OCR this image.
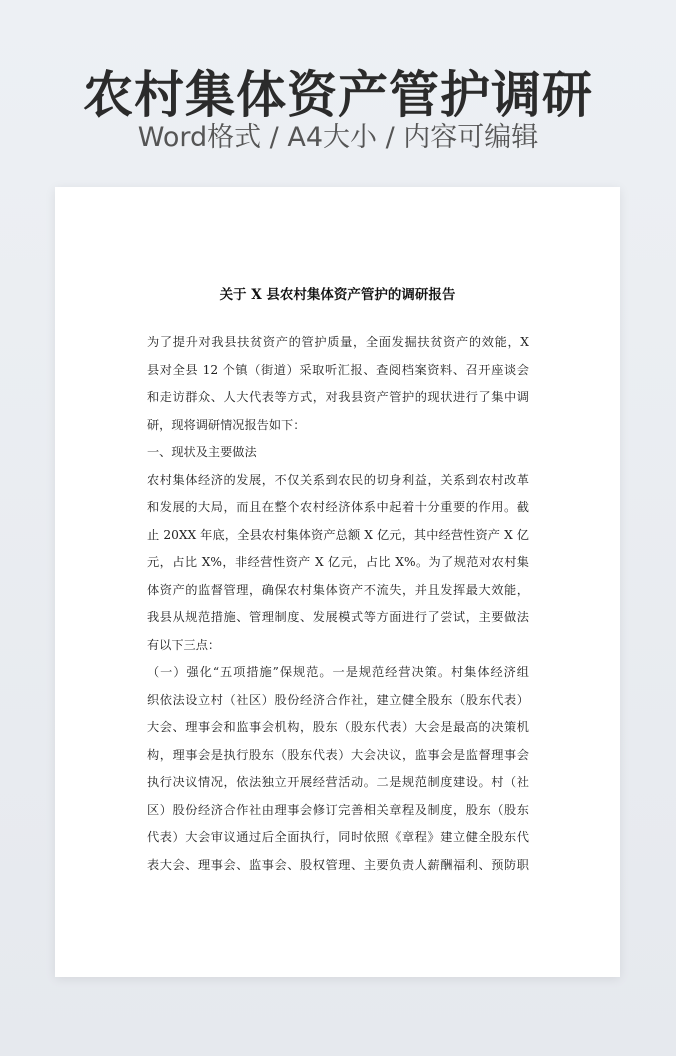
农村集体资产管护调研
Word格式 / A4大小 / 内容可编辑
关于 X 县农村集体资产管护的调研报告
为了提升对我县扶贫资产的管护质量，全面发掘扶贫资产的效能，X
县对全县 12 个镇（街道）采取听汇报、查阅档案资料、召开座谈会
和走访群众、人大代表等方式，对我县资产管护的现状进行了集中调
研，现将调研情况报告如下：
一、现状及主要做法
农村集体经济的发展，不仅关系到农民的切身利益，关系到农村改革
和发展的大局，而且在整个农村经济体系中起着十分重要的作用。截
止 20XX 年底，全县农村集体资产总额 X 亿元，其中经营性资产 X 亿
元，占比 X%，非经营性资产 X 亿元，占比 X%。为了规范对农村集
体资产的监督管理，确保农村集体资产不流失，并且发挥最大效能，
我县从规范措施、管理制度、发展模式等方面进行了尝试，主要做法
有以下三点：
（一）强化“五项措施”保规范。一是规范经营决策。村集体经济组
织依法设立村（社区）股份经济合作社，建立健全股东（股东代表）
大会、理事会和监事会机构，股东（股东代表）大会是最高的决策机
构，理事会是执行股东（股东代表）大会决议，监事会是监督理事会
执行决议情况，依法独立开展经营活动。二是规范制度建设。村（社
区）股份经济合作社由理事会修订完善相关章程及制度，股东（股东
代表）大会审议通过后全面执行，同时依照《章程》建立健全股东代
表大会、理事会、监事会、股权管理、主要负责人薪酬福利、预防职
